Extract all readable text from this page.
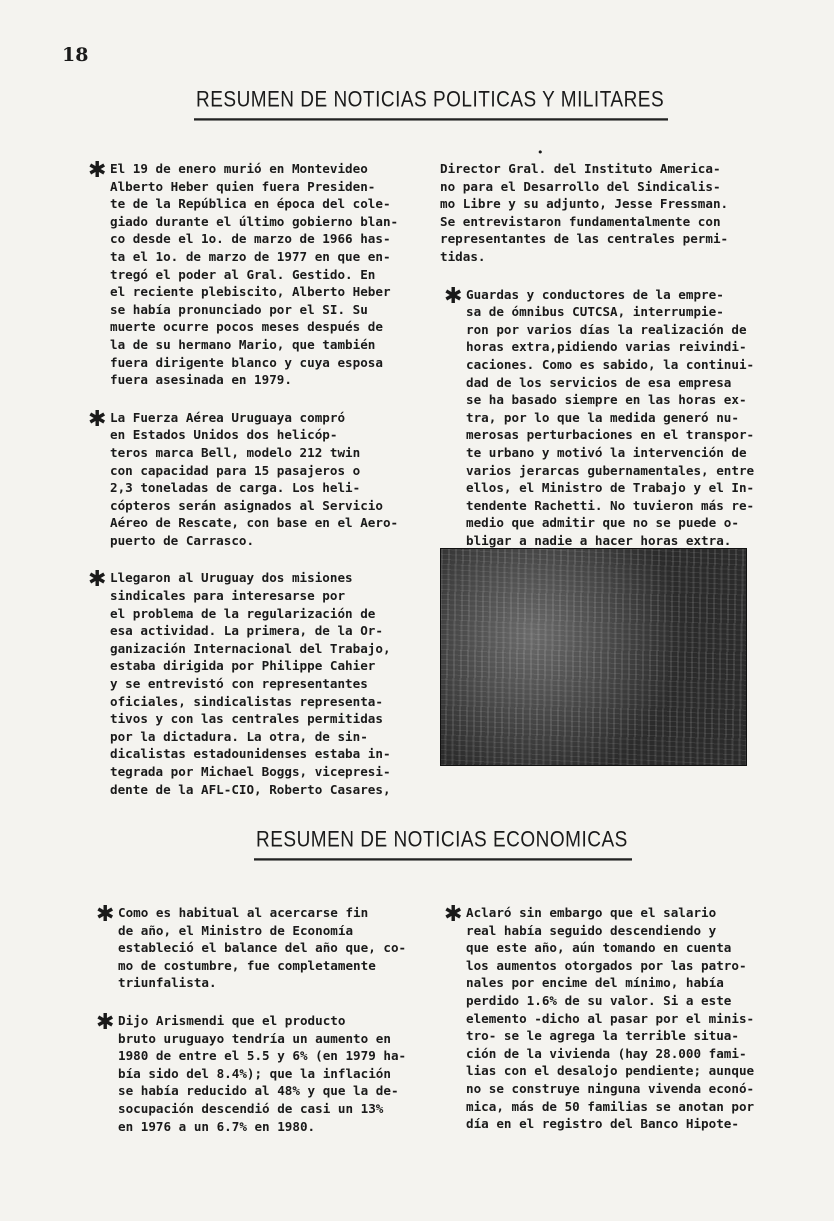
18
RESUMEN DE NOTICIAS POLITICAS Y MILITARES
•
✱ El 19 de enero murió en Montevideo
Alberto Heber quien fuera Presiden-
te de la República en época del cole-
giado durante el último gobierno blan-
co desde el 1o. de marzo de 1966 has-
ta el 1o. de marzo de 1977 en que en-
tregó el poder al Gral. Gestido. En
el reciente plebiscito, Alberto Heber
se había pronunciado por el SI. Su
muerte ocurre pocos meses después de
la de su hermano Mario, que también
fuera dirigente blanco y cuya esposa
fuera asesinada en 1979.
✱ La Fuerza Aérea Uruguaya compró
en Estados Unidos dos helicóp-
teros marca Bell, modelo 212 twin
con capacidad para 15 pasajeros o
2,3 toneladas de carga. Los heli-
cópteros serán asignados al Servicio
Aéreo de Rescate, con base en el Aero-
puerto de Carrasco.
✱ Llegaron al Uruguay dos misiones
sindicales para interesarse por
el problema de la regularización de
esa actividad. La primera, de la Or-
ganización Internacional del Trabajo,
estaba dirigida por Philippe Cahier
y se entrevistó con representantes
oficiales, sindicalistas representa-
tivos y con las centrales permitidas
por la dictadura. La otra, de sin-
dicalistas estadounidenses estaba in-
tegrada por Michael Boggs, vicepresi-
dente de la AFL-CIO, Roberto Casares,
Director Gral. del Instituto America-
no para el Desarrollo del Sindicalis-
mo Libre y su adjunto, Jesse Fressman.
Se entrevistaron fundamentalmente con
representantes de las centrales permi-
tidas.
✱ Guardas y conductores de la empre-
sa de ómnibus CUTCSA, interrumpie-
ron por varios días la realización de
horas extra,pidiendo varias reivindi-
caciones. Como es sabido, la continui-
dad de los servicios de esa empresa
se ha basado siempre en las horas ex-
tra, por lo que la medida generó nu-
merosas perturbaciones en el transpor-
te urbano y motivó la intervención de
varios jerarcas gubernamentales, entre
ellos, el Ministro de Trabajo y el In-
tendente Rachetti. No tuvieron más re-
medio que admitir que no se puede o-
bligar a nadie a hacer horas extra.
RESUMEN DE NOTICIAS ECONOMICAS
✱ Como es habitual al acercarse fin
de año, el Ministro de Economía
estableció el balance del año que, co-
mo de costumbre, fue completamente
triunfalista.
✱ Dijo Arismendi que el producto
bruto uruguayo tendría un aumento en
1980 de entre el 5.5 y 6% (en 1979 ha-
bía sido del 8.4%); que la inflación
se había reducido al 48% y que la de-
socupación descendió de casi un 13%
en 1976 a un 6.7% en 1980.
✱ Aclaró sin embargo que el salario
real había seguido descendiendo y
que este año, aún tomando en cuenta
los aumentos otorgados por las patro-
nales por encime del mínimo, había
perdido 1.6% de su valor. Si a este
elemento -dicho al pasar por el minis-
tro- se le agrega la terrible situa-
ción de la vivienda (hay 28.000 fami-
lias con el desalojo pendiente; aunque
no se construye ninguna vivenda econó-
mica, más de 50 familias se anotan por
día en el registro del Banco Hipote-
